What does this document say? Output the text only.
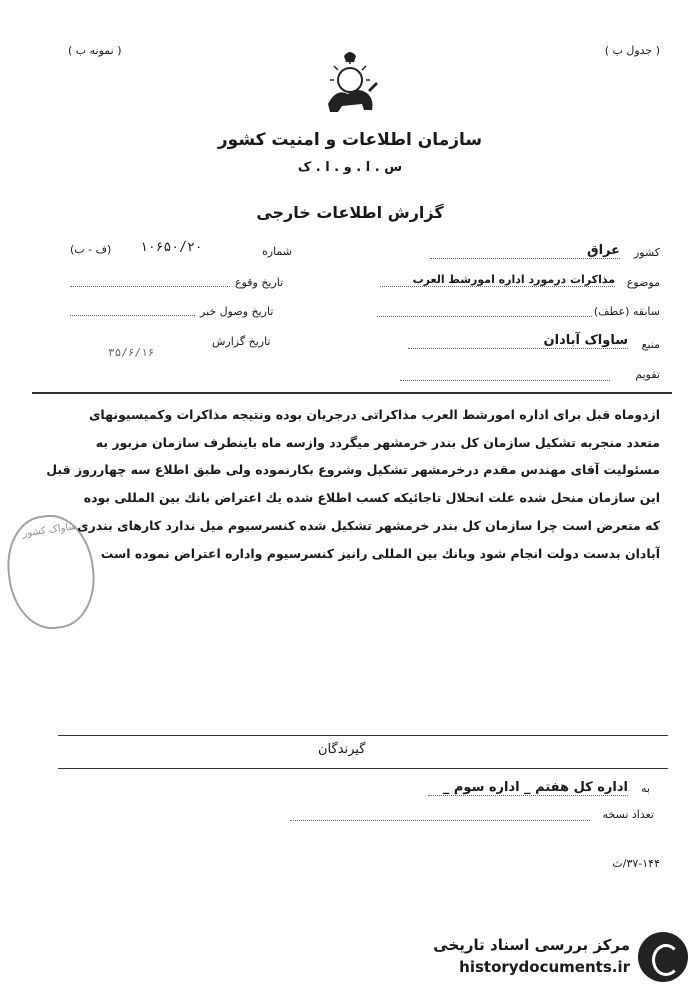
( جدول ب )
( نمونه ب )
سازمان اطلاعات و امنیت کشور
س . ا . و . ا . ک
گزارش اطلاعات خارجی
کشور
عراق
موضوع
مذاکرات درمورد اداره امورشط العرب
سابقه (عطف)
منبع
ساواک آبادان
تقویم
شماره
۱۰۶۵۰/۲۰
(ف - ب)
تاریخ وقوع
تاریخ وصول خبر
تاریخ گزارش
۳۵/۶/۱۶
ازدوماه قبل برای اداره امورشط العرب مذاکراتی درجریان بوده ونتیجه مذاکرات وکمیسیونهای
متعدد منجربه تشکیل سازمان کل بندر خرمشهر میگردد وازسه ماه باینطرف سازمان مزبور به
مسئولیت آقای مهندس مقدم درخرمشهر تشکیل وشروع بکارنموده ولی طبق اطلاع سه چهارروز قبل
این سازمان منحل شده علت انحلال تاجائیکه کسب اطلاع شده یك اعتراض بانك بین المللی بوده
که متعرض است چرا سازمان کل بندر خرمشهر تشکیل شده کنسرسیوم میل ندارد کارهای بندری
آبادان بدست دولت انجام شود وبانك بین المللی رانیز کنسرسیوم واداره اعتراض نموده است
ساواک کشور
گیرندگان
به
اداره کل هفتم _ اداره سوم _
تعداد نسخه
۳۷-۱۴۴/ث
مرکز بررسی اسناد تاریخی
historydocuments.ir
